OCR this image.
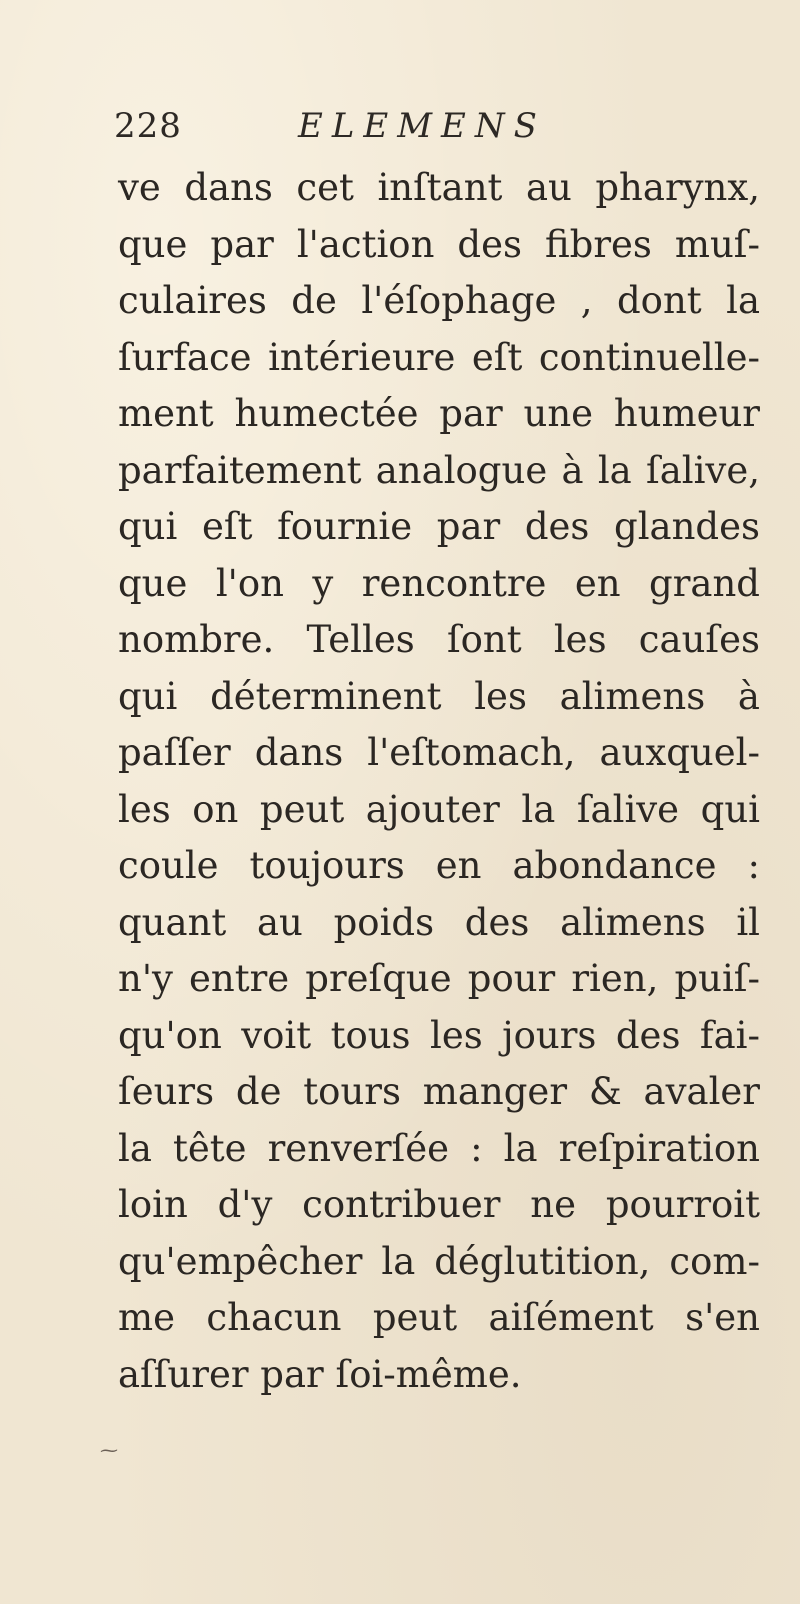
228	ELEMENS
ve dans cet inſtant au pharynx,
que par l'action des fibres muſ-
culaires de l'éſophage , dont la
ſurface intérieure eſt continuelle-
ment humectée par une humeur
parfaitement analogue à la ſalive,
qui eſt fournie par des glandes
que l'on y rencontre en grand
nombre. Telles ſont les cauſes
qui déterminent les alimens à
paſſer dans l'eſtomach, auxquel-
les on peut ajouter la ſalive qui
coule toujours en abondance :
quant au poids des alimens il
n'y entre preſque pour rien, puiſ-
qu'on voit tous les jours des fai-
ſeurs de tours manger & avaler
la tête renverſée : la reſpiration
loin d'y contribuer ne pourroit
qu'empêcher la déglutition, com-
me chacun peut aiſément s'en
aſſurer par ſoi-même.
⁓
